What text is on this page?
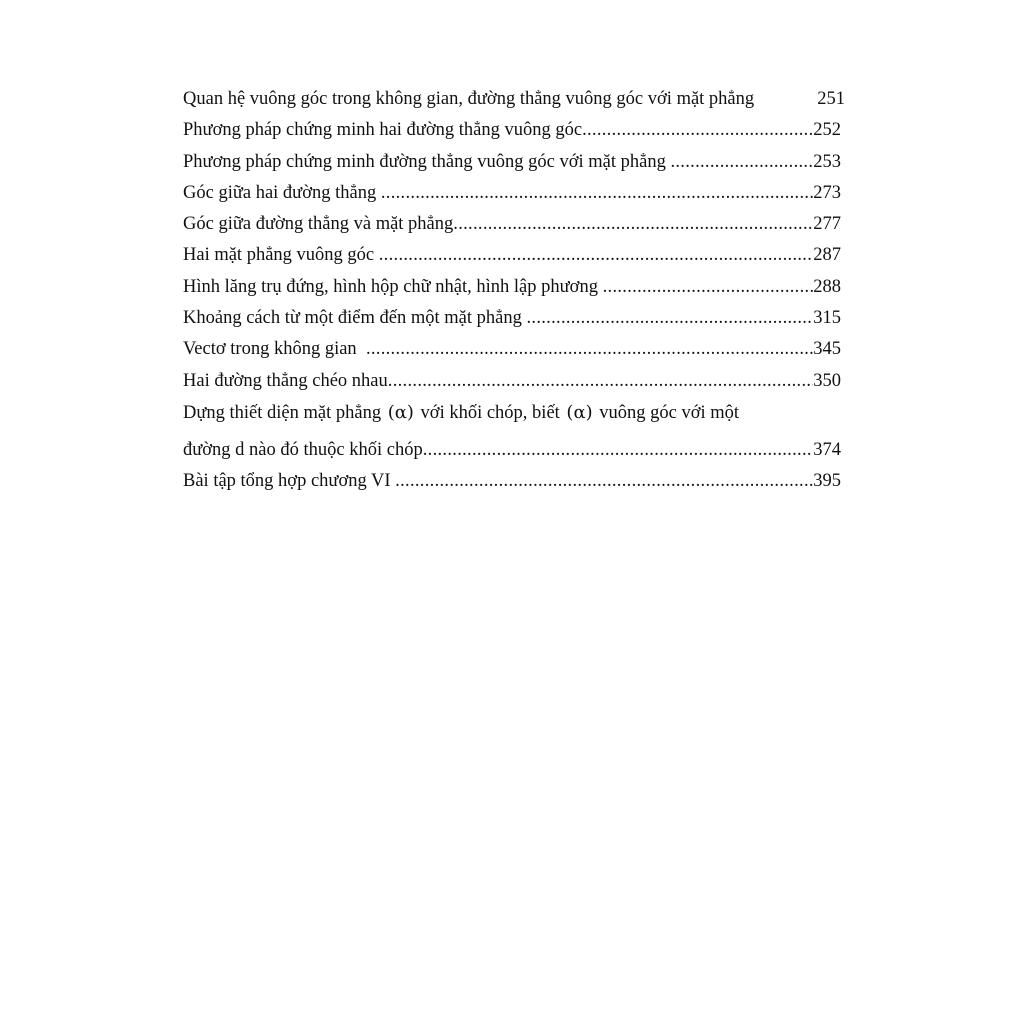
Quan hệ vuông góc trong không gian, đường thẳng vuông góc với mặt phẳng	251
Phương pháp chứng minh hai đường thẳng vuông góc .....	252
Phương pháp chứng minh đường thẳng vuông góc với mặt phẳng .....	253
Góc giữa hai đường thẳng .....	273
Góc giữa đường thẳng và mặt phẳng .....	277
Hai mặt phẳng vuông góc .....	287
Hình lăng trụ đứng, hình hộp chữ nhật, hình lập phương .....	288
Khoảng cách từ một điểm đến một mặt phẳng .....	315
Vectơ trong không gian .....	345
Hai đường thẳng chéo nhau .....	350
Dựng thiết diện mặt phẳng (α) với khối chóp, biết (α) vuông góc với một
đường d nào đó thuộc khối chóp .....	374
Bài tập tổng hợp chương VI .....	395
